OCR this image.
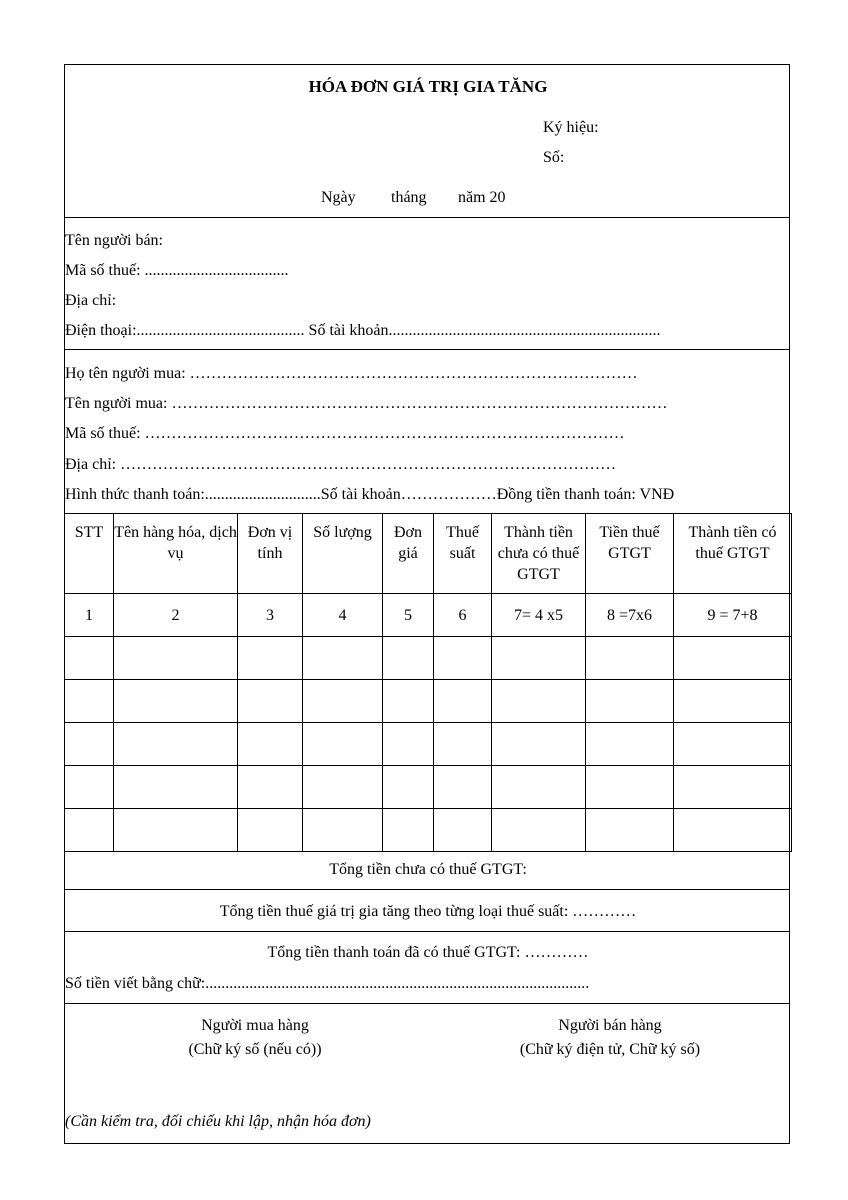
HÓA ĐƠN GIÁ TRỊ GIA TĂNG
Ký hiệu:
Số:
Ngày tháng năm 20
Tên người bán:
Mã số thuế: ....................................
Địa chỉ:
Điện thoại:.......................................... Số tài khoản....................................................................
Họ tên người mua: …………………………………………………………………………
Tên người mua: …………………………………………………………………………………
Mã số thuế: ………………………………………………………………………………
Địa chỉ: …………………………………………………………………………………
Hình thức thanh toán:.............................Số tài khoản………………Đồng tiền thanh toán: VNĐ
STT	Tên hàng hóa, dịch vụ	Đơn vị tính	Số lượng	Đơn giá	Thuế suất	Thành tiền chưa có thuế GTGT	Tiền thuế GTGT	Thành tiền có thuế GTGT
1	2	3	4	5	6	7= 4 x5	8 =7x6	9 = 7+8

Tổng tiền chưa có thuế GTGT:
Tổng tiền thuế giá trị gia tăng theo từng loại thuế suất: …………
Tổng tiền thanh toán đã có thuế GTGT: …………
Số tiền viết bằng chữ:................................................................................................
Người mua hàng
(Chữ ký số (nếu có))
Người bán hàng
(Chữ ký điện tử, Chữ ký số)
(Cần kiểm tra, đối chiếu khi lập, nhận hóa đơn)
